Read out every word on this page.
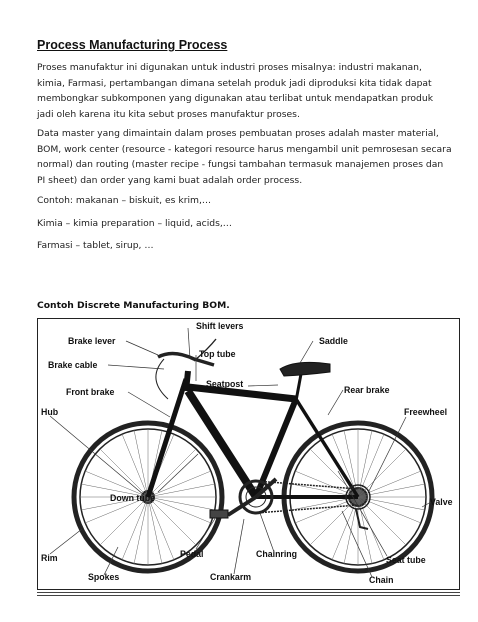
Process Manufacturing Process

Proses manufaktur ini digunakan untuk industri proses misalnya: industri makanan, kimia, Farmasi, pertambangan dimana setelah produk jadi diproduksi kita tidak dapat membongkar subkomponen yang digunakan atau terlibat untuk mendapatkan produk jadi oleh karena itu kita sebut proses manufaktur proses.

Data master yang dimaintain dalam proses pembuatan proses adalah master material, BOM, work center (resource - kategori resource harus mengambil unit pemrosesan secara normal) dan routing (master recipe - fungsi tambahan termasuk manajemen proses dan PI sheet) dan order yang kami buat adalah order process.

Contoh: makanan – biskuit, es krim,…

Kimia – kimia preparation – liquid, acids,…

Farmasi – tablet, sirup, …

Contoh Discrete Manufacturing BOM.

Shift levers
Brake lever
Top tube
Saddle
Brake cable
Seatpost
Front brake	Rear brake
Hub	Freewheel
Down tube	Valve
Rim	Pedal	Chainring
Seat tube
Spokes	Crankarm	Chain
